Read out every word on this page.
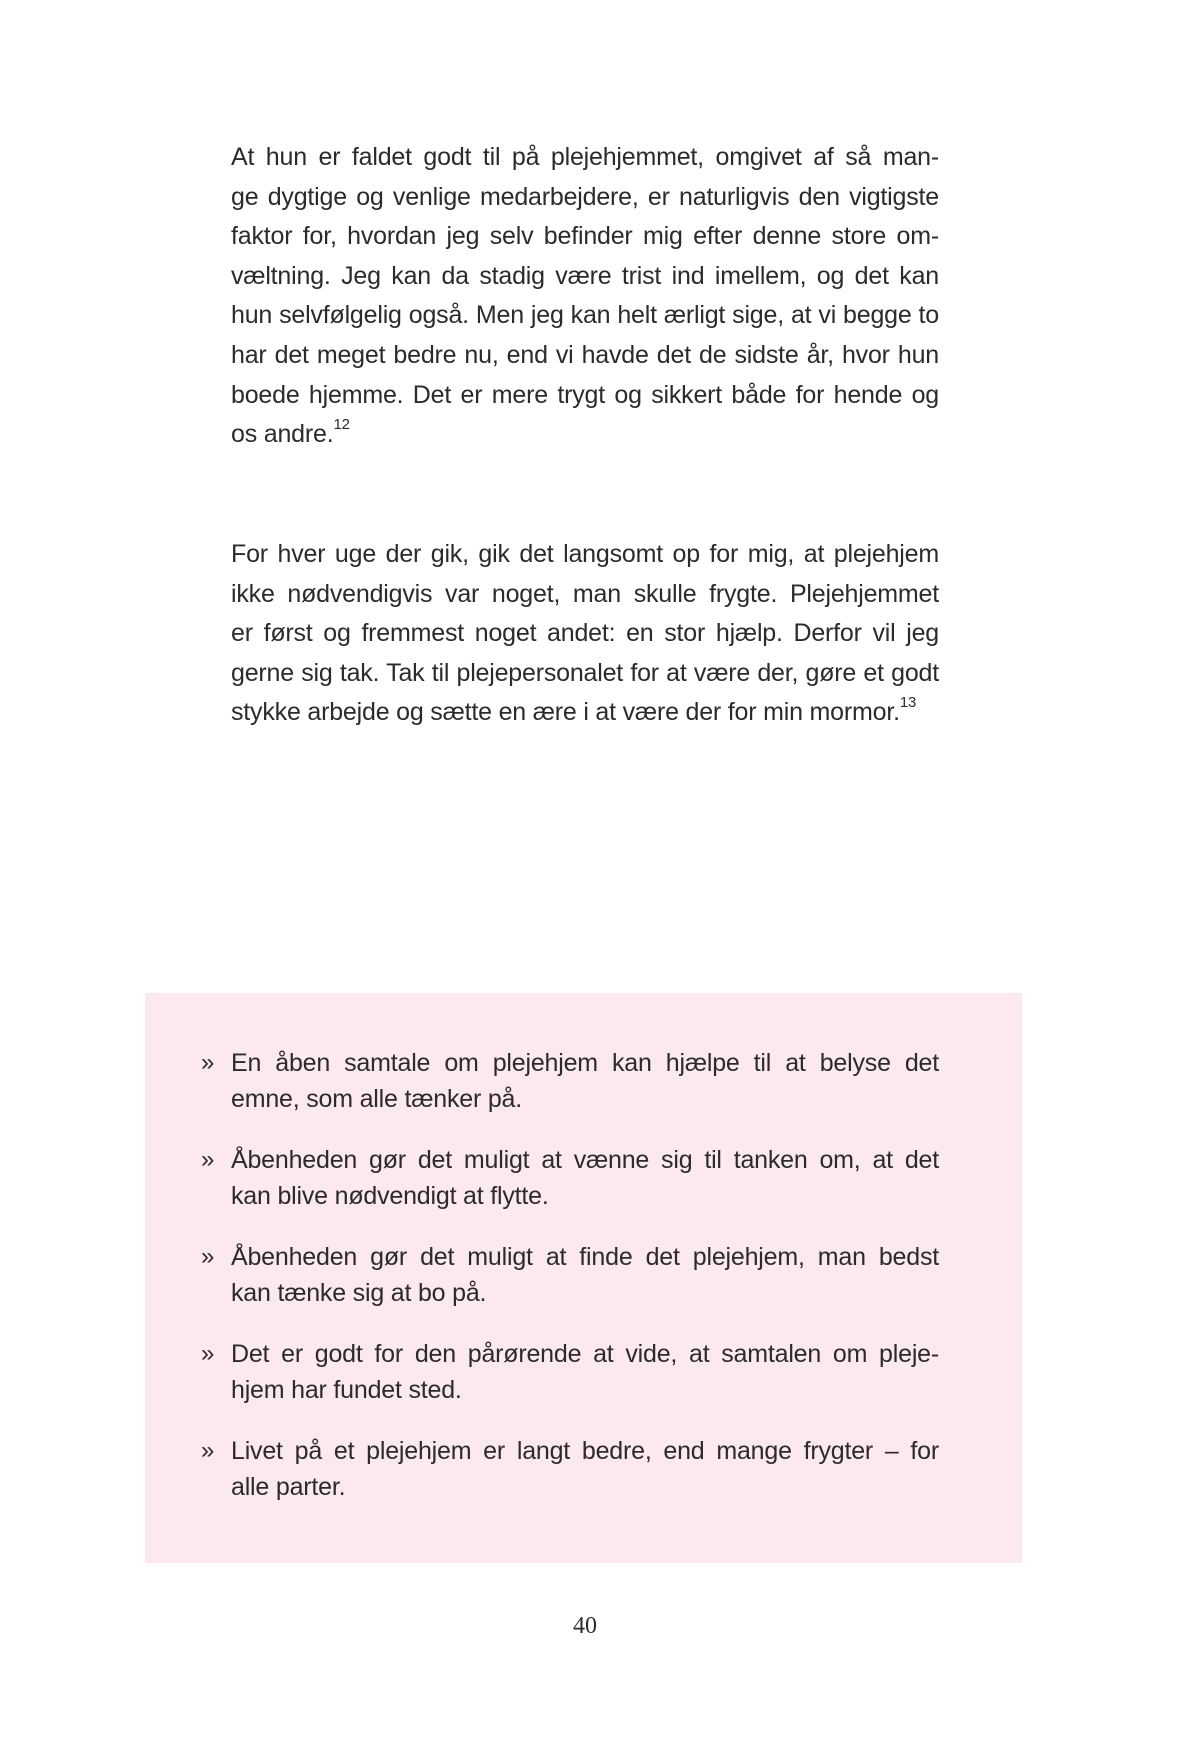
At hun er faldet godt til på plejehjemmet, omgivet af så man-
ge dygtige og venlige medarbejdere, er naturligvis den vigtigste
faktor for, hvordan jeg selv befinder mig efter denne store om-
væltning. Jeg kan da stadig være trist ind imellem, og det kan
hun selvfølgelig også. Men jeg kan helt ærligt sige, at vi begge to
har det meget bedre nu, end vi havde det de sidste år, hvor hun
boede hjemme. Det er mere trygt og sikkert både for hende og
os andre.$^{12}$
For hver uge der gik, gik det langsomt op for mig, at plejehjem
ikke nødvendigvis var noget, man skulle frygte. Plejehjemmet
er først og fremmest noget andet: en stor hjælp. Derfor vil jeg
gerne sig tak. Tak til plejepersonalet for at være der, gøre et godt
stykke arbejde og sætte en ære i at være der for min mormor.$^{13}$
» En åben samtale om plejehjem kan hjælpe til at belyse det
emne, som alle tænker på.
» Åbenheden gør det muligt at vænne sig til tanken om, at det
kan blive nødvendigt at flytte.
» Åbenheden gør det muligt at finde det plejehjem, man bedst
kan tænke sig at bo på.
» Det er godt for den pårørende at vide, at samtalen om pleje-
hjem har fundet sted.
» Livet på et plejehjem er langt bedre, end mange frygter – for
alle parter.
40
